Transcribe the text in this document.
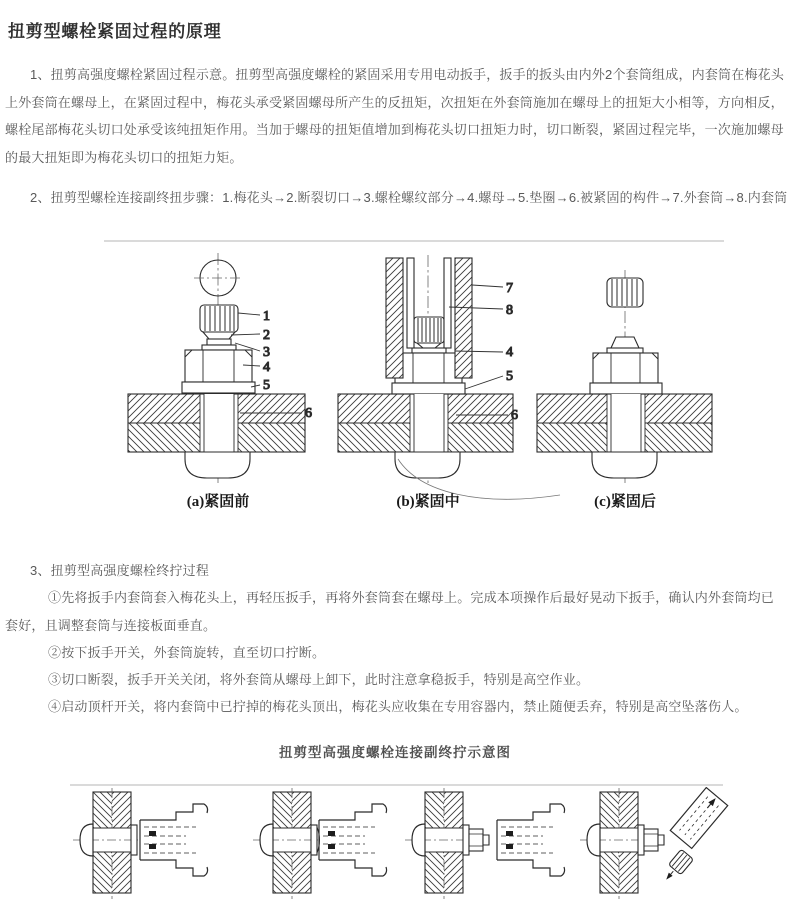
扭剪型螺栓紧固过程的原理

1、扭剪高强度螺栓紧固过程示意。扭剪型高强度螺栓的紧固采用专用电动扳手，扳手的扳头由内外2个套筒组成，内套筒在梅花头上外套筒在螺母上，在紧固过程中，梅花头承受紧固螺母所产生的反扭矩，次扭矩在外套筒施加在螺母上的扭矩大小相等，方向相反，螺栓尾部梅花头切口处承受该纯扭矩作用。当加于螺母的扭矩值增加到梅花头切口扭矩力时，切口断裂，紧固过程完毕，一次施加螺母的最大扭矩即为梅花头切口的扭矩力矩。

2、扭剪型螺栓连接副终扭步骤：1.梅花头→2.断裂切口→3.螺栓螺纹部分→4.螺母→5.垫圈→6.被紧固的构件→7.外套筒→8.内套筒

1
2
3
4
5
6
(a)紧固前
7
8
4
5
6
(b)紧固中	(c)紧固后

3、扭剪型高强度螺栓终拧过程

①先将扳手内套筒套入梅花头上，再轻压扳手，再将外套筒套在螺母上。完成本项操作后最好晃动下扳手，确认内外套筒均已套好，且调整套筒与连接板面垂直。

②按下扳手开关，外套筒旋转，直至切口拧断。

③切口断裂，扳手开关关闭，将外套筒从螺母上卸下，此时注意拿稳扳手，特别是高空作业。

④启动顶杆开关，将内套筒中已拧掉的梅花头顶出，梅花头应收集在专用容器内，禁止随便丢弃，特别是高空坠落伤人。

扭剪型高强度螺栓连接副终拧示意图
